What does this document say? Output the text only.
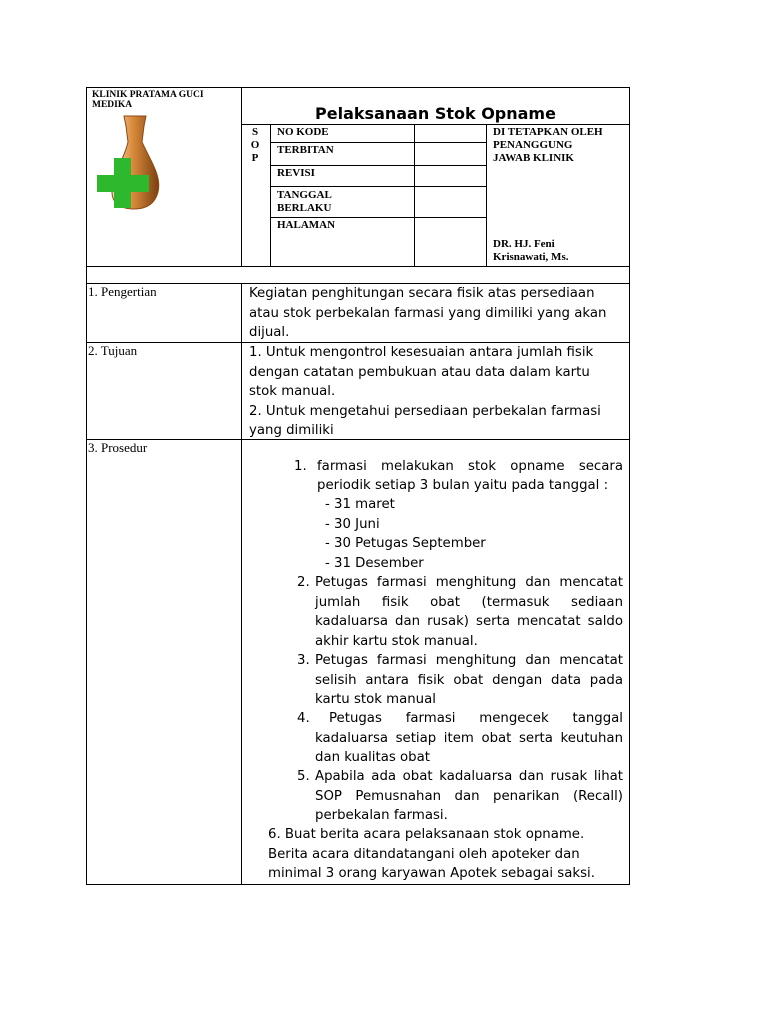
KLINIK PRATAMA GUCI MEDIKA	Pelaksanaan Stok Opname
S
O
P
NO KODE
TERBITAN
REVISI
TANGGAL BERLAKU
HALAMAN
DI TETAPKAN OLEH PENANGGUNG JAWAB KLINIK
DR. HJ. Feni Krisnawati, Ms.
1. Pengertian
2. Tujuan
3. Prosedur
Kegiatan penghitungan secara fisik atas persediaan atau stok perbekalan farmasi yang dimiliki yang akan dijual.
1. Untuk mengontrol kesesuaian antara jumlah fisik dengan catatan pembukuan atau data dalam kartu stok manual.
2. Untuk mengetahui persediaan perbekalan farmasi yang dimiliki
1. farmasi melakukan stok opname secara
periodik setiap 3 bulan yaitu pada tanggal :
- 31 maret
- 30 Juni
- 30 Petugas September
- 31 Desember
2. Petugas farmasi menghitung dan mencatat jumlah fisik obat (termasuk sediaan kadaluarsa dan rusak) serta mencatat saldo akhir kartu stok manual.
3. Petugas farmasi menghitung dan mencatat selisih antara fisik obat dengan data pada kartu stok manual
4.	Petugas farmasi mengecek tanggal kadaluarsa setiap item obat serta keutuhan dan kualitas obat
5. Apabila ada obat kadaluarsa dan rusak lihat SOP Pemusnahan dan penarikan (Recall) perbekalan farmasi.
6. Buat berita acara pelaksanaan stok opname. Berita acara ditandatangani oleh apoteker dan minimal 3 orang karyawan Apotek sebagai saksi.
